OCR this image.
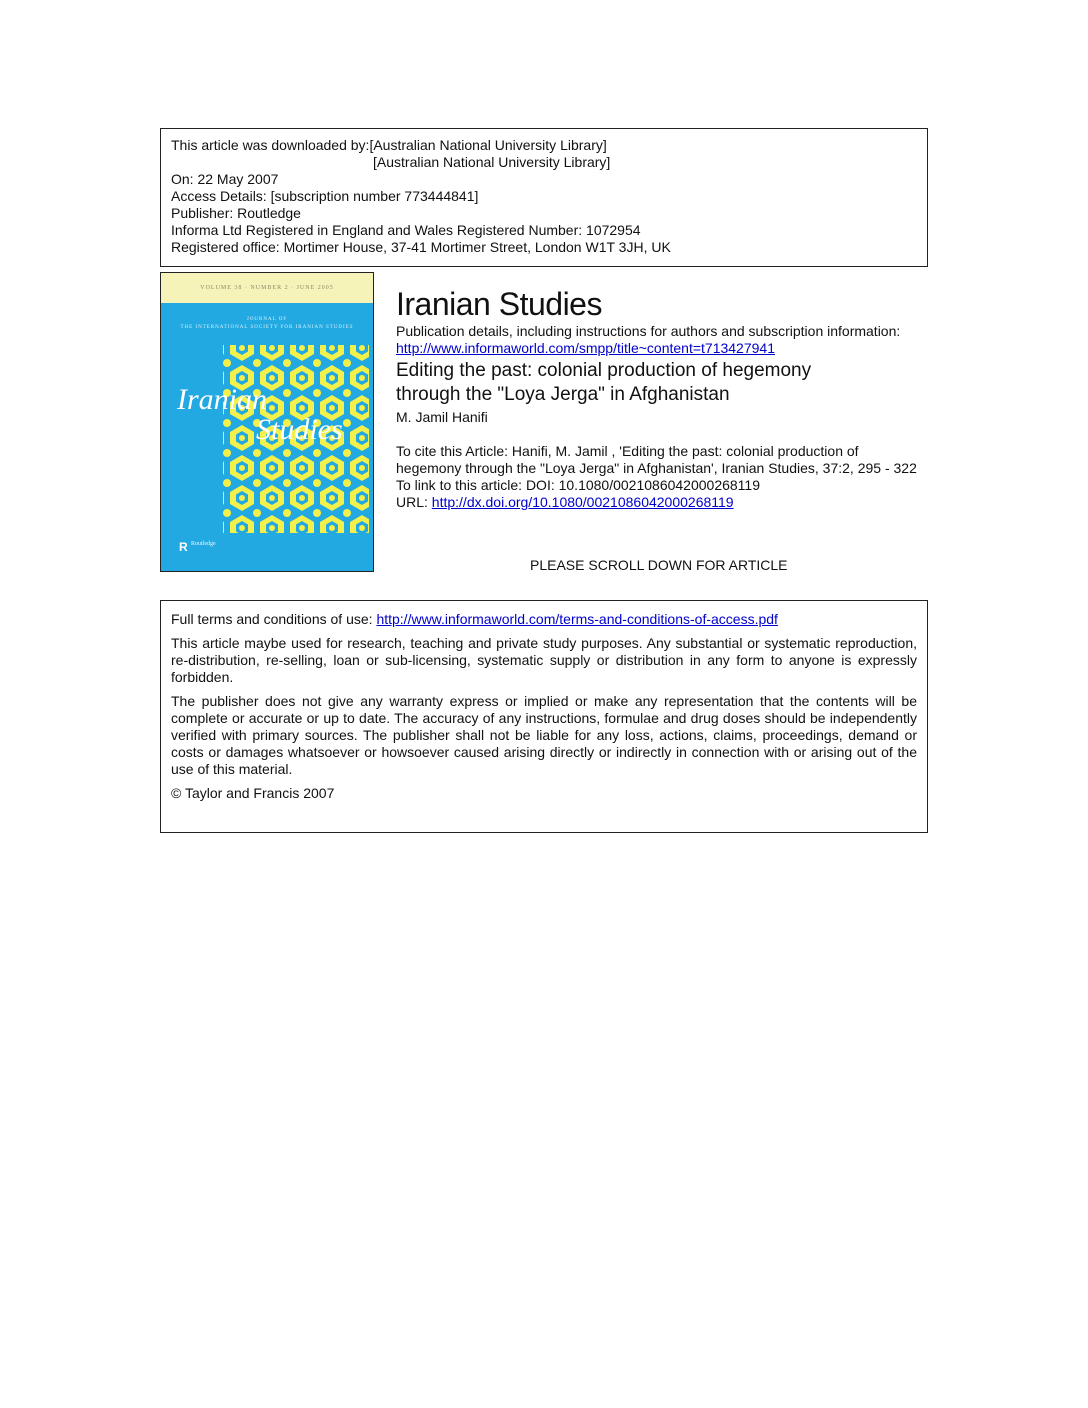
This article was downloaded by:[Australian National University Library]
[Australian National University Library]
On: 22 May 2007
Access Details: [subscription number 773444841]
Publisher: Routledge
Informa Ltd Registered in England and Wales Registered Number: 1072954
Registered office: Mortimer House, 37-41 Mortimer Street, London W1T 3JH, UK
VOLUME 38 · NUMBER 2 · JUNE 2005
JOURNAL OF
THE INTERNATIONAL SOCIETY FOR IRANIAN STUDIES
Iranian
Studies
R Routledge
Iranian Studies
Publication details, including instructions for authors and subscription information:
http://www.informaworld.com/smpp/title~content=t713427941
Editing the past: colonial production of hegemony
through the "Loya Jerga" in Afghanistan
M. Jamil Hanifi
To cite this Article: Hanifi, M. Jamil , 'Editing the past: colonial production of
hegemony through the "Loya Jerga" in Afghanistan', Iranian Studies, 37:2, 295 - 322
To link to this article: DOI: 10.1080/0021086042000268119
URL: http://dx.doi.org/10.1080/0021086042000268119
PLEASE SCROLL DOWN FOR ARTICLE

Full terms and conditions of use: http://www.informaworld.com/terms-and-conditions-of-access.pdf

This article maybe used for research, teaching and private study purposes. Any substantial or systematic reproduction, re-distribution, re-selling, loan or sub-licensing, systematic supply or distribution in any form to anyone is expressly forbidden.

The publisher does not give any warranty express or implied or make any representation that the contents will be complete or accurate or up to date. The accuracy of any instructions, formulae and drug doses should be independently verified with primary sources. The publisher shall not be liable for any loss, actions, claims, proceedings, demand or costs or damages whatsoever or howsoever caused arising directly or indirectly in connection with or arising out of the use of this material.

© Taylor and Francis 2007
